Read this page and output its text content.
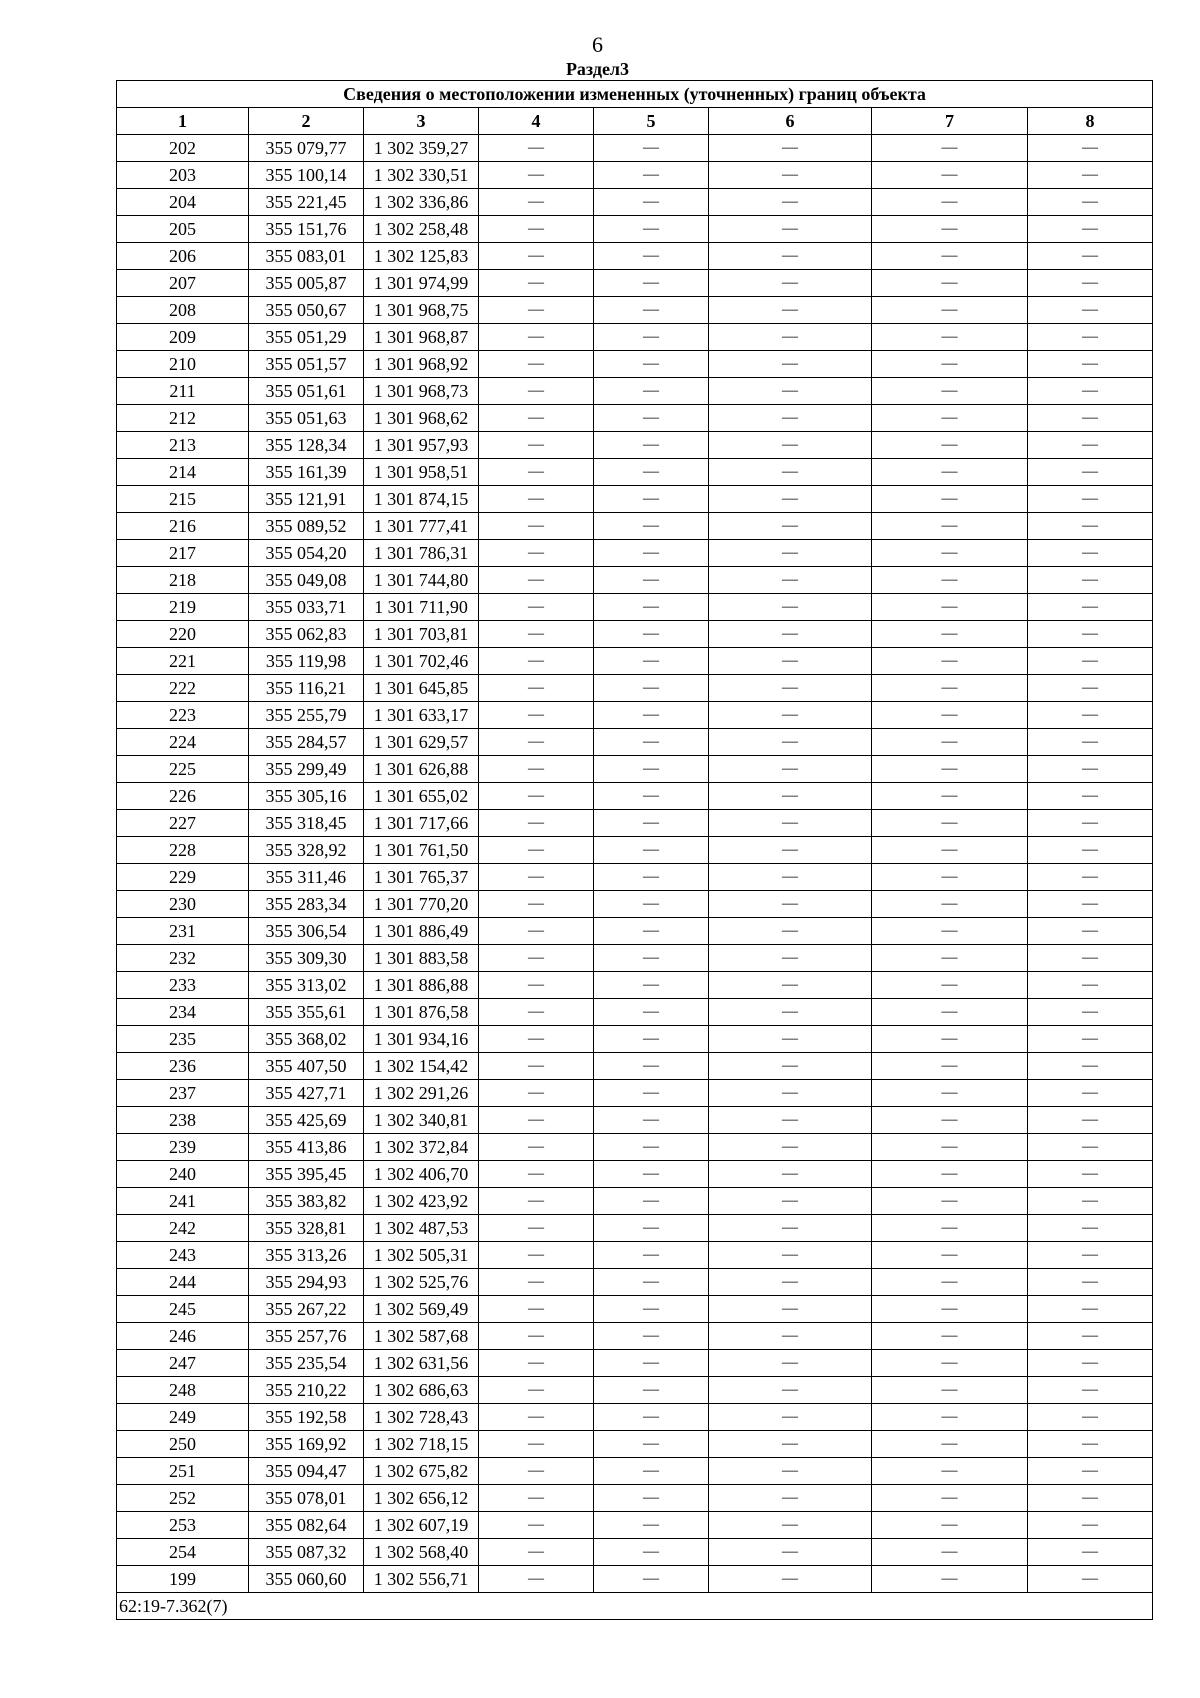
6
Раздел3
Сведения о местоположении измененных (уточненных) границ объекта							
1	2	3	4	5	6	7	8
202	355 079,77	1 302 359,27	—	—	—	—	—
203	355 100,14	1 302 330,51	—	—	—	—	—
204	355 221,45	1 302 336,86	—	—	—	—	—
205	355 151,76	1 302 258,48	—	—	—	—	—
206	355 083,01	1 302 125,83	—	—	—	—	—
207	355 005,87	1 301 974,99	—	—	—	—	—
208	355 050,67	1 301 968,75	—	—	—	—	—
209	355 051,29	1 301 968,87	—	—	—	—	—
210	355 051,57	1 301 968,92	—	—	—	—	—
211	355 051,61	1 301 968,73	—	—	—	—	—
212	355 051,63	1 301 968,62	—	—	—	—	—
213	355 128,34	1 301 957,93	—	—	—	—	—
214	355 161,39	1 301 958,51	—	—	—	—	—
215	355 121,91	1 301 874,15	—	—	—	—	—
216	355 089,52	1 301 777,41	—	—	—	—	—
217	355 054,20	1 301 786,31	—	—	—	—	—
218	355 049,08	1 301 744,80	—	—	—	—	—
219	355 033,71	1 301 711,90	—	—	—	—	—
220	355 062,83	1 301 703,81	—	—	—	—	—
221	355 119,98	1 301 702,46	—	—	—	—	—
222	355 116,21	1 301 645,85	—	—	—	—	—
223	355 255,79	1 301 633,17	—	—	—	—	—
224	355 284,57	1 301 629,57	—	—	—	—	—
225	355 299,49	1 301 626,88	—	—	—	—	—
226	355 305,16	1 301 655,02	—	—	—	—	—
227	355 318,45	1 301 717,66	—	—	—	—	—
228	355 328,92	1 301 761,50	—	—	—	—	—
229	355 311,46	1 301 765,37	—	—	—	—	—
230	355 283,34	1 301 770,20	—	—	—	—	—
231	355 306,54	1 301 886,49	—	—	—	—	—
232	355 309,30	1 301 883,58	—	—	—	—	—
233	355 313,02	1 301 886,88	—	—	—	—	—
234	355 355,61	1 301 876,58	—	—	—	—	—
235	355 368,02	1 301 934,16	—	—	—	—	—
236	355 407,50	1 302 154,42	—	—	—	—	—
237	355 427,71	1 302 291,26	—	—	—	—	—
238	355 425,69	1 302 340,81	—	—	—	—	—
239	355 413,86	1 302 372,84	—	—	—	—	—
240	355 395,45	1 302 406,70	—	—	—	—	—
241	355 383,82	1 302 423,92	—	—	—	—	—
242	355 328,81	1 302 487,53	—	—	—	—	—
243	355 313,26	1 302 505,31	—	—	—	—	—
244	355 294,93	1 302 525,76	—	—	—	—	—
245	355 267,22	1 302 569,49	—	—	—	—	—
246	355 257,76	1 302 587,68	—	—	—	—	—
247	355 235,54	1 302 631,56	—	—	—	—	—
248	355 210,22	1 302 686,63	—	—	—	—	—
249	355 192,58	1 302 728,43	—	—	—	—	—
250	355 169,92	1 302 718,15	—	—	—	—	—
251	355 094,47	1 302 675,82	—	—	—	—	—
252	355 078,01	1 302 656,12	—	—	—	—	—
253	355 082,64	1 302 607,19	—	—	—	—	—
254	355 087,32	1 302 568,40	—	—	—	—	—
199	355 060,60	1 302 556,71	—	—	—	—	—
62:19-7.362(7)							
